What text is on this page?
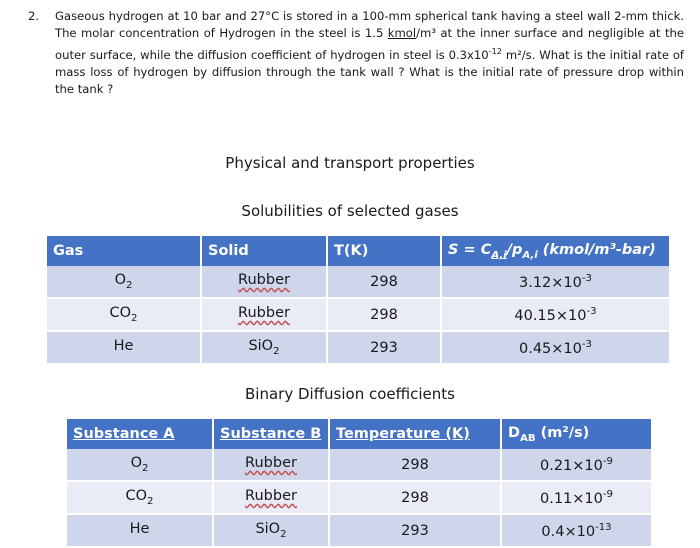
2. Gaseous hydrogen at 10 bar and 27°C is stored in a 100-mm spherical tank having a steel wall 2-mm thick. The molar concentration of Hydrogen in the steel is 1.5 kmol/m³ at the inner surface and negligible at the outer surface, while the diffusion coefficient of hydrogen in steel is $0.3x10^{-12}$ m²/s. What is the initial rate of mass loss of hydrogen by diffusion through the tank wall ? What is the initial rate of pressure drop within the tank ?
Physical and transport properties
Solubilities of selected gases
Gas	Solid	T(K)	$S = C_{A,i}/p_{A,i}$ (kmol/m³-bar)
$O_2$	Rubber	298	$3.12\times 10^{-3}$
$CO_2$	Rubber	298	$40.15\times 10^{-3}$
He	SiO$_2$	293	$0.45\times 10^{-3}$
Binary Diffusion coefficients
Substance A	Substance B	Temperature (K)	$D_{AB}$ (m²/s)
$O_2$	Rubber	298	$0.21\times 10^{-9}$
$CO_2$	Rubber	298	$0.11\times 10^{-9}$
He	SiO$_2$	293	$0.4\times 10^{-13}$
